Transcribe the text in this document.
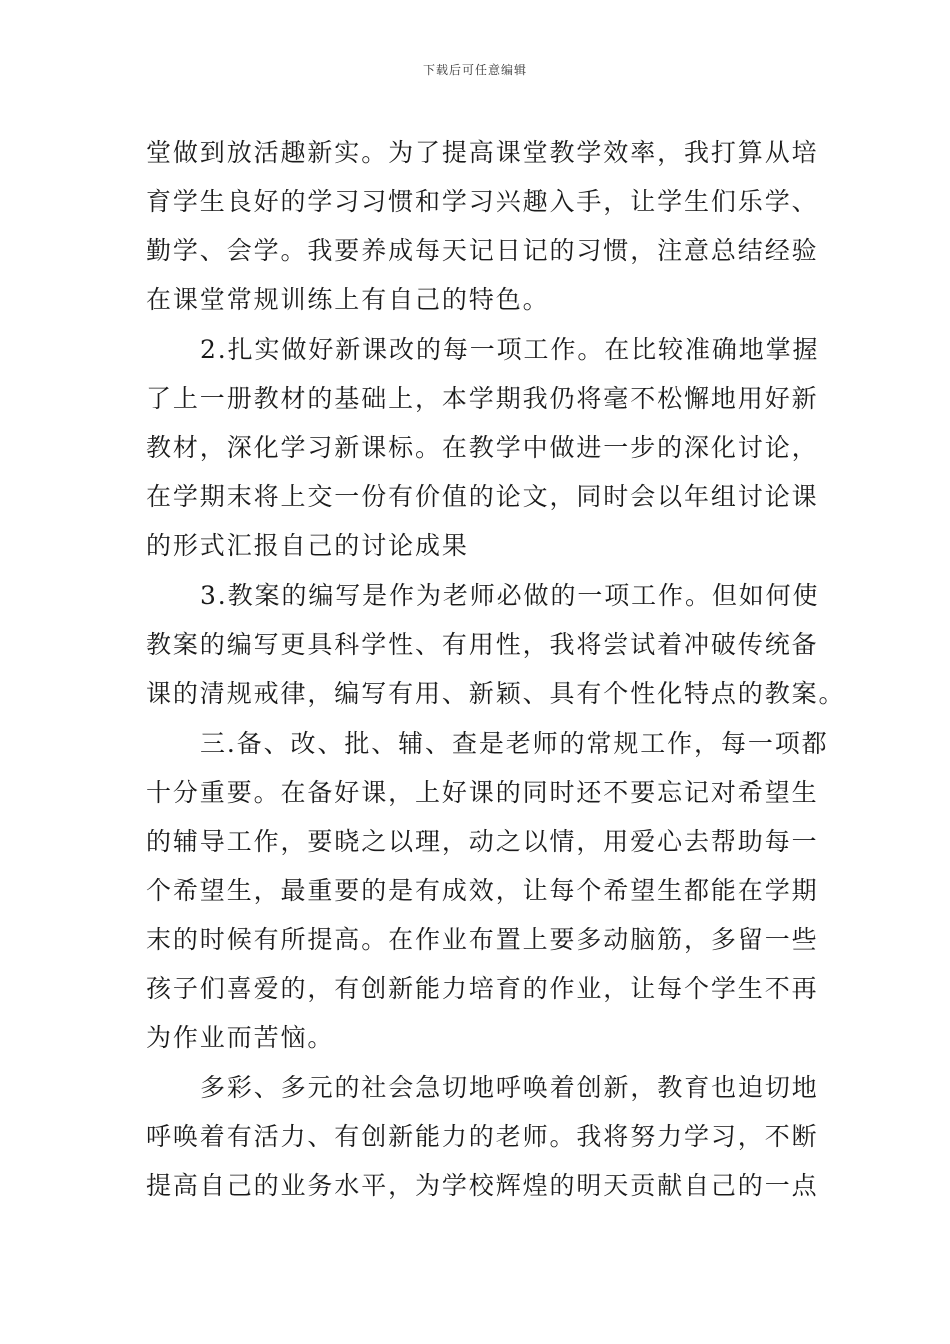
下载后可任意编辑

堂做到放活趣新实。为了提高课堂教学效率，我打算从培

育学生良好的学习习惯和学习兴趣入手，让学生们乐学、

勤学、会学。我要养成每天记日记的习惯，注意总结经验

在课堂常规训练上有自己的特色。

2.扎实做好新课改的每一项工作。在比较准确地掌握

了上一册教材的基础上，本学期我仍将毫不松懈地用好新

教材，深化学习新课标。在教学中做进一步的深化讨论，

在学期末将上交一份有价值的论文，同时会以年组讨论课

的形式汇报自己的讨论成果

3.教案的编写是作为老师必做的一项工作。但如何使

教案的编写更具科学性、有用性，我将尝试着冲破传统备

课的清规戒律，编写有用、新颖、具有个性化特点的教案。

三.备、改、批、辅、查是老师的常规工作，每一项都

十分重要。在备好课，上好课的同时还不要忘记对希望生

的辅导工作，要晓之以理，动之以情，用爱心去帮助每一

个希望生，最重要的是有成效，让每个希望生都能在学期

末的时候有所提高。在作业布置上要多动脑筋，多留一些

孩子们喜爱的，有创新能力培育的作业，让每个学生不再

为作业而苦恼。

多彩、多元的社会急切地呼唤着创新，教育也迫切地

呼唤着有活力、有创新能力的老师。我将努力学习，不断

提高自己的业务水平，为学校辉煌的明天贡献自己的一点
